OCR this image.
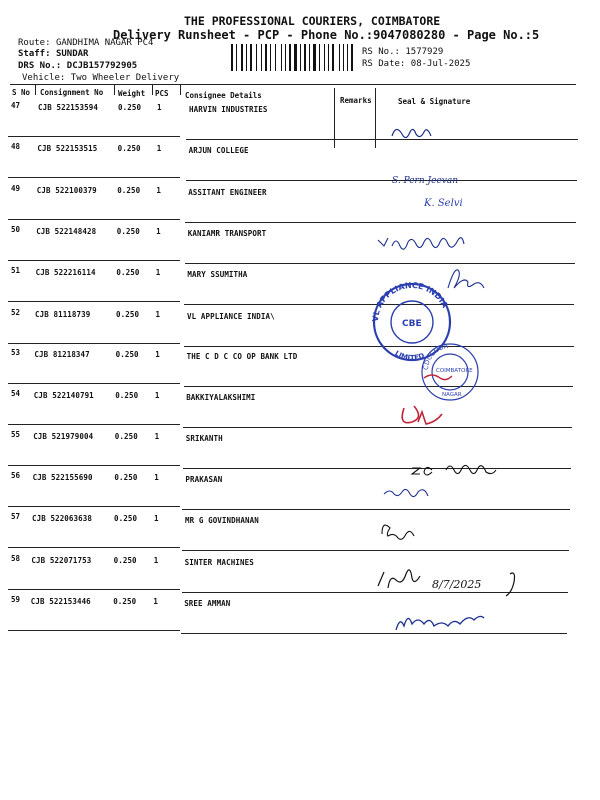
THE PROFESSIONAL COURIERS, COIMBATORE
Delivery Runsheet - PCP - Phone No.:9047080280 - Page No.:5
Route: GANDHIMA NAGAR PC4
Staff: SUNDAR
DRS No.: DCJB157792905
Vehicle: Two Wheeler Delivery
RS No.: 1577929
RS Date: 08-Jul-2025
S No Consignment No Weight PCS Consignee Details
Remarks	Seal & Signature
47 CJB 522153594	0.250 1	HARVIN INDUSTRIES
48 CJB 522153515	0.250 1	ARJUN COLLEGE
49 CJB 522100379	0.250 1	ASSITANT ENGINEER
50 CJB 522148428	0.250 1	KANIAMR TRANSPORT
51 CJB 522216114	0.250 1	MARY SSUMITHA
52 CJB 81118739	0.250 1	VL APPLIANCE INDIA\
53 CJB 81218347	0.250 1	THE C D C CO OP BANK LTD
54 CJB 522140791	0.250 1	BAKKIYALAKSHIMI
55 CJB 521979004	0.250 1	SRIKANTH
56 CJB 522155690	0.250 1	PRAKASAN
57 CJB 522063638	0.250 1	MR G GOVINDHANAN
58 CJB 522071753	0.250 1	SINTER MACHINES
59 CJB 522153446	0.250 1	SREE AMMAN
S. Pern Jeevan
K. Selvi
VL APPLIANCE INDIA
LIMITED
CBE
CDCCOBA
COIMBATORE
NAGAR
8/7/2025
